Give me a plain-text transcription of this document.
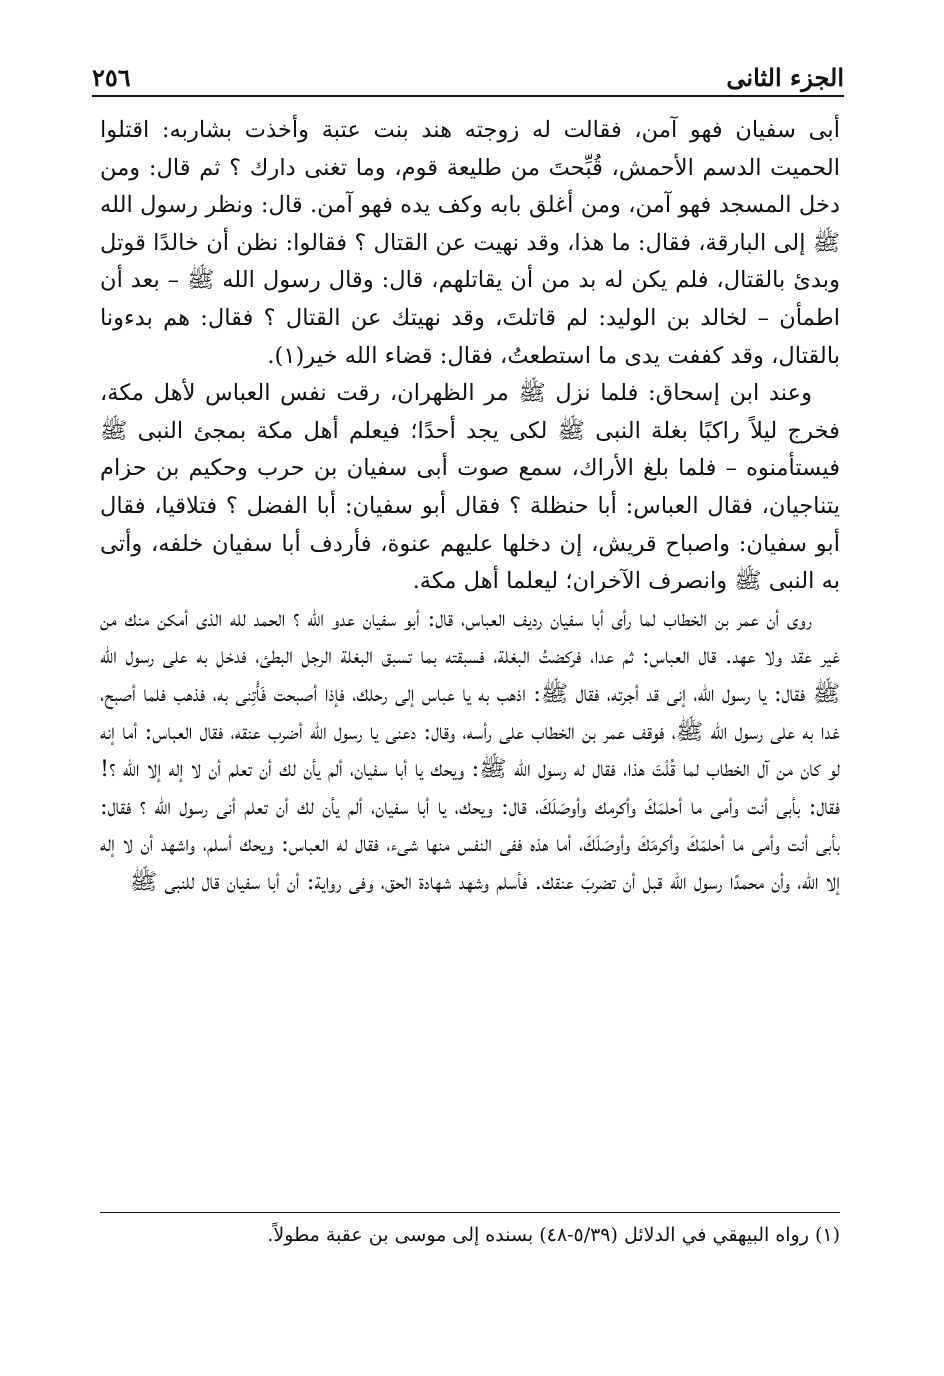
الجزء الثانى
٢٥٦

أبى سفيان فهو آمن، فقالت له زوجته هند بنت عتبة وأخذت بشاربه: اقتلوا الحميت الدسم الأحمش، قُبِّحتَ من طليعة قوم، وما تغنى دارك ؟ ثم قال: ومن دخل المسجد فهو آمن، ومن أغلق بابه وكف يده فهو آمن. قال: ونظر رسول الله ﷺ إلى البارقة، فقال: ما هذا، وقد نهيت عن القتال ؟ فقالوا: نظن أن خالدًا قوتل وبدئ بالقتال، فلم يكن له بد من أن يقاتلهم، قال: وقال رسول الله ﷺ – بعد أن اطمأن – لخالد بن الوليد: لم قاتلتَ، وقد نهيتك عن القتال ؟ فقال: هم بدءونا بالقتال، وقد كففت يدى ما استطعتُ، فقال: قضاء الله خير(١).

وعند ابن إسحاق: فلما نزل ﷺ مر الظهران، رقت نفس العباس لأهل مكة، فخرج ليلاً راكبًا بغلة النبى ﷺ لكى يجد أحدًا؛ فيعلم أهل مكة بمجئ النبى ﷺ فيستأمنوه – فلما بلغ الأراك، سمع صوت أبى سفيان بن حرب وحكيم بن حزام يتناجيان، فقال العباس: أبا حنظلة ؟ فقال أبو سفيان: أبا الفضل ؟ فتلاقيا، فقال أبو سفيان: واصباح قريش، إن دخلها عليهم عنوة، فأردف أبا سفيان خلفه، وأتى به النبى ﷺ وانصرف الآخران؛ ليعلما أهل مكة.

روى أن عمر بن الخطاب لما رأى أبا سفيان رديف العباس، قال: أبو سفيان عدو الله ؟ الحمد لله الذى أمكن منك من غير عقد ولا عهد. قال العباس: ثم عدا، فركضتُ البغلة، فسبقته بما تسبق البغلة الرجل البطئ، فدخل به على رسول الله ﷺ فقال: يا رسول الله، إنى قد أجرته، فقال ﷺ: اذهب به يا عباس إلى رحلك، فإذا أصبحت فَأْتِنى به، فذهب فلما أصبح، غدا به على رسول الله ﷺ، فوقف عمر بن الخطاب على رأسه، وقال: دعنى يا رسول الله أضرب عنقه، فقال العباس: أما إنه لو كان من آل الخطاب لما قُلْتَ هذا، فقال له رسول الله ﷺ: ويحك يا أبا سفيان، ألم يأن لك أن تعلم أن لا إله إلا الله ؟! فقال: بأبى أنت وأمى ما أحلمَكَ وأكرمك وأوصَلَكَ، قال: ويحك، يا أبا سفيان، ألم يأن لك أن تعلم أنى رسول الله ؟ فقال: بأبى أنت وأمى ما أحلمَكَ وأكرمَكَ وأوصَلَكَ، أما هذه ففى النفس منها شىء، فقال له العباس: ويحك أسلم، واشهد أن لا إله إلا الله، وأن محمدًا رسول الله قبل أن تضربَ عنقك. فأسلم وشهد شهادة الحق، وفى رواية: أن أبا سفيان قال للنبى ﷺ

(١) رواه البيهقي في الدلائل (٥/٣٩-٤٨) بسنده إلى موسى بن عقبة مطولاً.
